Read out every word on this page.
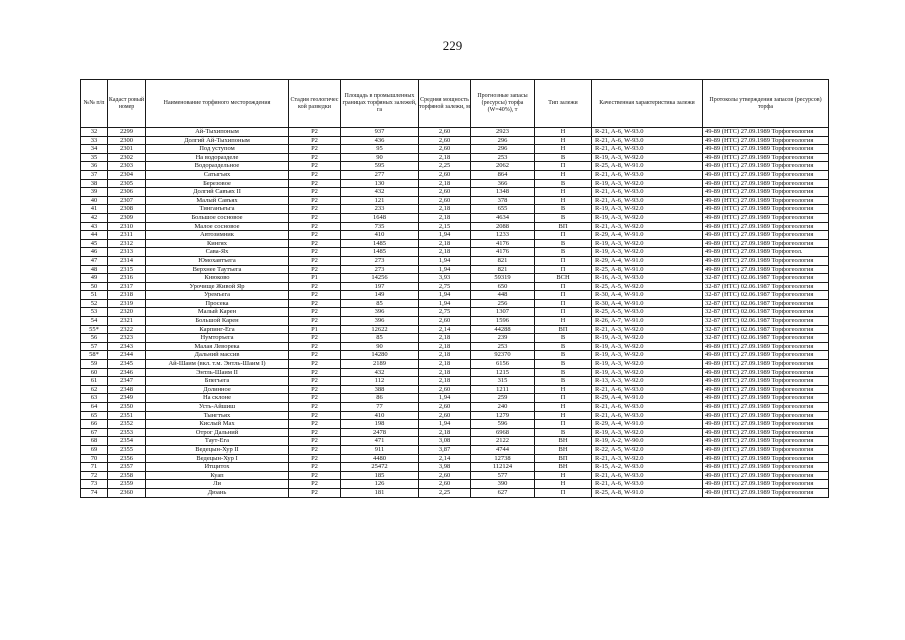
229
№№ п/п	Кадаст ровый номер	Наименование торфяного месторождения	Стадия геологичес кой разведки	Площадь в промышленных границах торфяных залежей, га	Средняя мощность торфяной залежи, м	Прогнозные запасы (ресурсы) торфа (W=40%), т	Тип залежи	Качественная характеристика залежи	Протоколы утверждения запасов (ресурсов) торфа
32	2299	Ай-Тыхипоным	P2	937	2,60	2923	Н	R-21, A-6, W-93.0	49-89 (НТС) 27.09.1989 Торфогеология
33	2300	Долгий Ай-Тыхипоным	P2	436	2,60	296	Н	R-21, A-6, W-93.0	49-89 (НТС) 27.09.1989 Торфогеология
34	2301	Под уступом	P2	95	2,60	296	Н	R-21, A-6, W-93.0	49-89 (НТС) 27.09.1989 Торфогеология
35	2302	На водоразделе	P2	90	2,18	253	В	R-19, A-3, W-92.0	49-89 (НТС) 27.09.1989 Торфогеология
36	2303	Водораздельное	P2	595	2,25	2062	П	R-25, A-8, W-91.0	49-89 (НТС) 27.09.1989 Торфогеология
37	2304	Сатыгъях	P2	277	2,60	864	Н	R-21, A-6, W-93.0	49-89 (НТС) 27.09.1989 Торфогеология
38	2305	Березовое	P2	130	2,18	366	В	R-19, A-3, W-92.0	49-89 (НТС) 27.09.1989 Торфогеология
39	2306	Долгий Савъях II	P2	432	2,60	1348	Н	R-21, A-6, W-93.0	49-89 (НТС) 27.09.1989 Торфогеология
40	2307	Малый Савъях	P2	121	2,60	378	Н	R-21, A-6, W-93.0	49-89 (НТС) 27.09.1989 Торфогеология
41	2308	Тинганъеъга	P2	233	2,18	655	В	R-19, A-3, W-92.0	49-89 (НТС) 27.09.1989 Торфогеология
42	2309	Большое сосновое	P2	1648	2,18	4634	В	R-19, A-3, W-92.0	49-89 (НТС) 27.09.1989 Торфогеология
43	2310	Малое сосновое	P2	735	2,15	2088	ВП	R-21, A-3, W-92.0	49-89 (НТС) 27.09.1989 Торфогеология
44	2311	Автозимник	P2	410	1,94	1233	П	R-29, A-4, W-91.0	49-89 (НТС) 27.09.1989 Торфогеология
45	2312	Кингях	P2	1485	2,18	4176	В	R-19, A-3, W-92.0	49-89 (НТС) 27.09.1989 Торфогеология
46	2313	Сава-Ях	P2	1485	2,18	4176	В	R-19, A-3, W-92.0	49-89 (НТС) 27.09.1989 Торфогеол.
47	2314	Юмохавтъега	P2	273	1,94	821	П	R-29, A-4, W-91.0	49-89 (НТС) 27.09.1989 Торфогеология
48	2315	Верхнее Таутъега	P2	273	1,94	821	П	R-25, A-8, W-91.0	49-89 (НТС) 27.09.1989 Торфогеология
49	2316	Кнюково	P1	14256	3,93	59319	ВСН	R-16, A-3, W-93.0	32-87 (НТС) 02.06.1987 Торфогеология
50	2317	Урочище Живой Яр	P2	197	2,75	650	П	R-25, A-5, W-92.0	32-87 (НТС) 02.06.1987 Торфогеология
51	2318	Уремъега	P2	149	1,94	448	П	R-30, A-4, W-91.0	32-87 (НТС) 02.06.1987 Торфогеология
52	2319	Просека	P2	85	1,94	256	П	R-30, A-4, W-91.0	32-87 (НТС) 02.06.1987 Торфогеология
53	2320	Малый Карен	P2	396	2,75	1307	П	R-25, A-5, W-93.0	32-87 (НТС) 02.06.1987 Торфогеология
54	2321	Большой Карен	P2	396	2,60	1596	Н	R-26, A-7, W-91.0	32-87 (НТС) 02.06.1987 Торфогеология
55*	2322	Карпинг-Ега	P1	12622	2,14	44288	ВП	R-21, A-3, W-92.0	32-87 (НТС) 02.06.1987 Торфогеология
56	2323	Нумторъега	P2	85	2,18	239	В	R-19, A-3, W-92.0	32-87 (НТС) 02.06.1987 Торфогеология
57	2343	Малая Леворека	P2	90	2,18	253	В	R-19, A-3, W-92.0	49-89 (НТС) 27.09.1989 Торфогеология
58*	2344	Дальний массив	P2	14280	2,18	92370	В	R-19, A-3, W-92.0	49-89 (НТС) 27.09.1989 Торфогеология
59	2345	Ай-Шаим (вкл. т.м. Энтль-Шаим I)	P2	2189	2,18	6156	В	R-19, A-3, W-92.0	49-89 (НТС) 27.09.1989 Торфогеология
60	2346	Энтль-Шаим II	P2	432	2,18	1215	В	R-19, A-3, W-92.0	49-89 (НТС) 27.09.1989 Торфогеология
61	2347	Бпегъега	P2	112	2,18	315	В	R-13, A-3, W-92.0	49-89 (НТС) 27.09.1989 Торфогеология
62	2348	Долинное	P2	388	2,60	1211	Н	R-21, A-6, W-93.0	49-89 (НТС) 27.09.1989 Торфогеология
63	2349	На склоне	P2	86	1,94	259	П	R-29, A-4, W-91.0	49-89 (НТС) 27.09.1989 Торфогеология
64	2350	Усть-Айшиш	P2	77	2,60	240	Н	R-21, A-6, W-93.0	49-89 (НТС) 27.09.1989 Торфогеология
65	2351	Тынгтъях	P2	410	2,60	1279	Н	R-21, A-6, W-93.0	49-89 (НТС) 27.09.1989 Торфогеология
66	2352	Кислый Мах	P2	198	1,94	596	П	R-29, A-4, W-91.0	49-89 (НТС) 27.09.1989 Торфогеология
67	2353	Отрог Дальний	P2	2478	2,18	6968	В	R-19, A-3, W-92.0	49-89 (НТС) 27.09.1989 Торфогеология
68	2354	Таут-Ега	P2	471	3,08	2122	ВН	R-19, A-2, W-90.0	49-89 (НТС) 27.09.1989 Торфогеология
69	2355	Ведецын-Хур II	P2	911	3,87	4744	ВН	R-22, A-5, W-92.0	49-89 (НТС) 27.09.1989 Торфогеология
70	2356	Ведецын-Хур I	P2	4480	2,14	12738	ВП	R-21, A-3, W-92.0	49-89 (НТС) 27.09.1989 Торфогеология
71	2357	Итщитох	P2	25472	3,98	112124	ВН	R-15, A-2, W-93.0	49-89 (НТС) 27.09.1989 Торфогеология
72	2358	Куап	P2	185	2,60	577	Н	R-21, A-6, W-93.0	49-89 (НТС) 27.09.1989 Торфогеология
73	2359	Ли	P2	126	2,60	390	Н	R-21, A-6, W-93.0	49-89 (НТС) 27.09.1989 Торфогеология
74	2360	Дюань	P2	181	2,25	627	П	R-25, A-8, W-91.0	49-89 (НТС) 27.09.1989 Торфогеология
